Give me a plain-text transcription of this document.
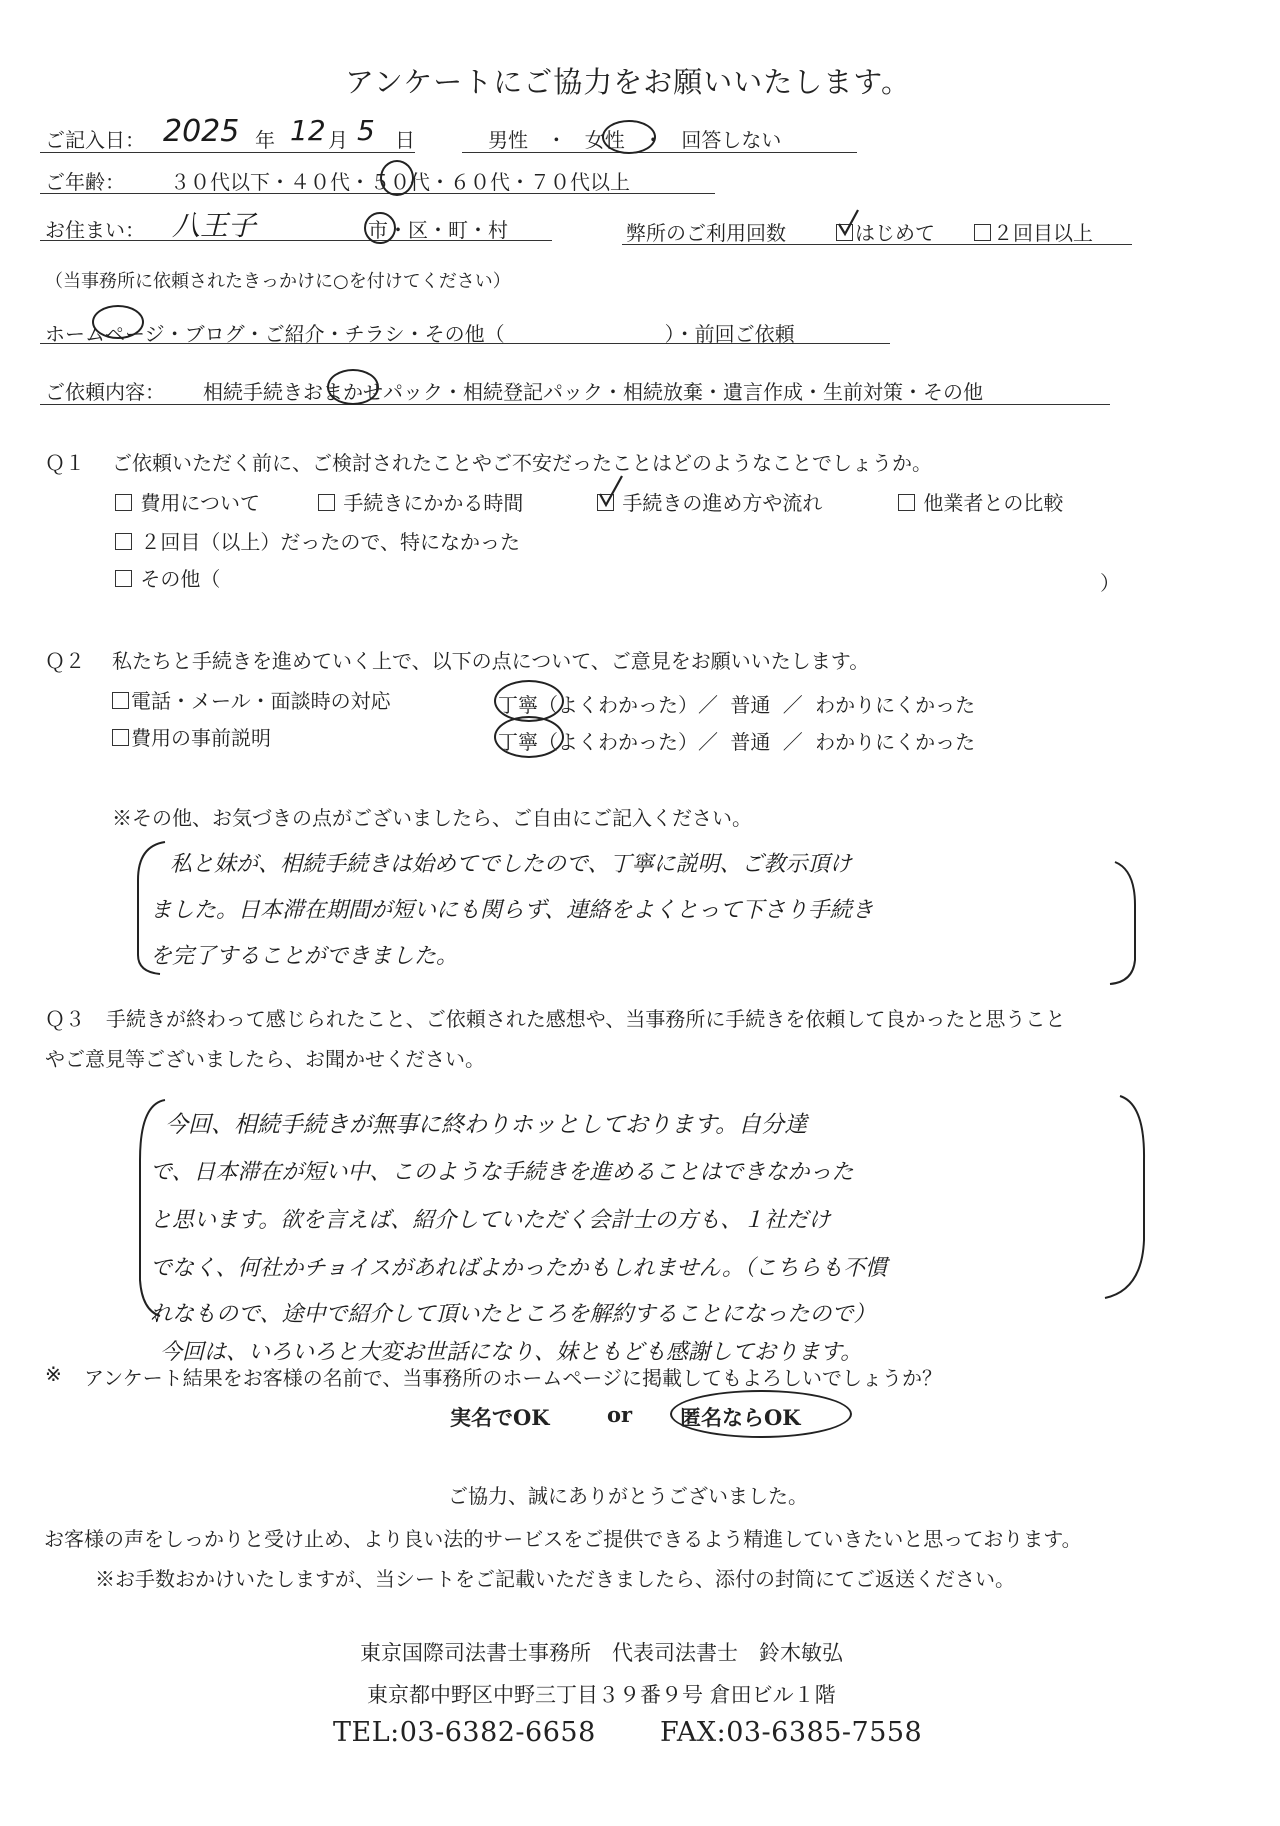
アンケートにご協力をお願いいたします。
ご記入日： 2025 年 12 月 5 日	男性 ・ 女性 ・ 回答しない
ご年齢： ３０代以下・４０代・５０代・６０代・７０代以上
お住まい： 八王子	市・区・町・村	弊所のご利用回数	はじめて	２回目以上
（当事務所に依頼されたきっかけに○を付けてください）
ホームページ・ブログ・ご紹介・チラシ・その他（　　　　　　　　）・前回ご依頼
ご依頼内容： 相続手続きおまかせパック・相続登記パック・相続放棄・遺言作成・生前対策・その他
Ｑ１ ご依頼いただく前に、ご検討されたことやご不安だったことはどのようなことでしょうか。
費用について	手続きにかかる時間	手続きの進め方や流れ	他業者との比較
２回目（以上）だったので、特になかった
その他（	）
Ｑ２ 私たちと手続きを進めていく上で、以下の点について、ご意見をお願いいたします。
電話・メール・面談時の対応	丁寧（よくわかった）／ 普通 ／ わかりにくかった
費用の事前説明	丁寧（よくわかった）／ 普通 ／ わかりにくかった
※その他、お気づきの点がございましたら、ご自由にご記入ください。
私と妹が、相続手続きは始めてでしたので、丁寧に説明、ご教示頂け
ました。日本滞在期間が短いにも関らず、連絡をよくとって下さり手続き
を完了することができました。
Ｑ３ 手続きが終わって感じられたこと、ご依頼された感想や、当事務所に手続きを依頼して良かったと思うこと
やご意見等ございましたら、お聞かせください。
今回、相続手続きが無事に終わりホッとしております。自分達
で、日本滞在が短い中、このような手続きを進めることはできなかった
と思います。欲を言えば、紹介していただく会計士の方も、１社だけ
でなく、何社かチョイスがあればよかったかもしれません。（こちらも不慣
れなもので、途中で紹介して頂いたところを解約することになったので）
今回は、いろいろと大変お世話になり、妹ともども感謝しております。
※ アンケート結果をお客様の名前で、当事務所のホームページに掲載してもよろしいでしょうか？
実名でOK	or 匿名ならOK
ご協力、誠にありがとうございました。
お客様の声をしっかりと受け止め、より良い法的サービスをご提供できるよう精進していきたいと思っております。
※お手数おかけいたしますが、当シートをご記載いただきましたら、添付の封筒にてご返送ください。
東京国際司法書士事務所　代表司法書士　鈴木敏弘
東京都中野区中野三丁目３９番９号 倉田ビル１階
TEL:03-6382-6658 FAX:03-6385-7558
